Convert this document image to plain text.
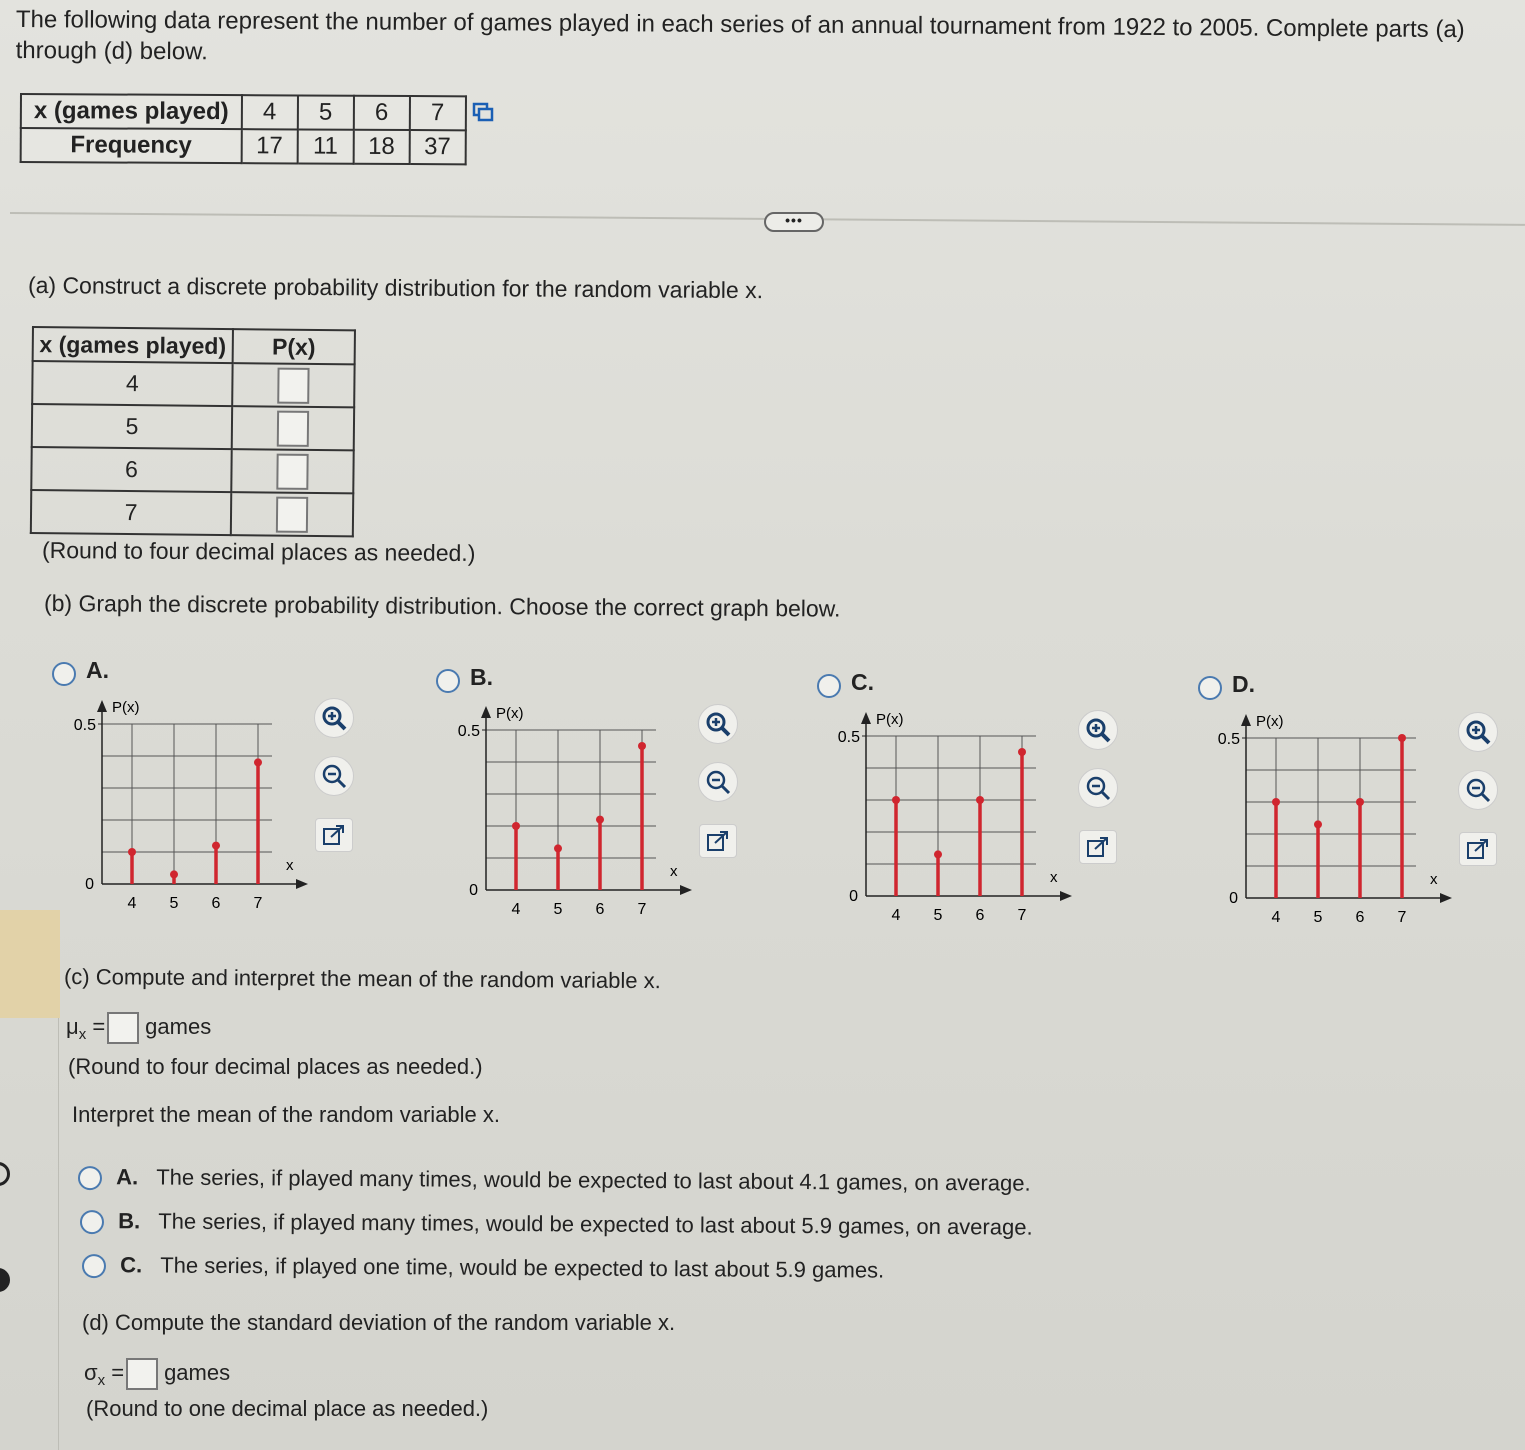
The following data represent the number of games played in each series of an annual tournament from 1922 to 2005. Complete parts (a) through (d) below.
x (games played)	4	5	6	7
Frequency	17	11	18	37
•••
(a) Construct a discrete probability distribution for the random variable x.
x (games played)	P(x)
4	
5	
6	
7	
(Round to four decimal places as needed.)
(b) Graph the discrete probability distribution. Choose the correct graph below.
A.
0
0.5
P(x)
x
4 5 6 7
B.
0
0.5
P(x)
x
4 5 6 7
C.
0
0.5
P(x)
x
4 5 6 7
D.
0
0.5
P(x)
x
4 5 6 7
(c) Compute and interpret the mean of the random variable x.
$\mu_x$ = games
(Round to four decimal places as needed.)
Interpret the mean of the random variable x.
A. The series, if played many times, would be expected to last about 4.1 games, on average.
B. The series, if played many times, would be expected to last about 5.9 games, on average.
C. The series, if played one time, would be expected to last about 5.9 games.
(d) Compute the standard deviation of the random variable x.
$\sigma_x$ = games
(Round to one decimal place as needed.)
